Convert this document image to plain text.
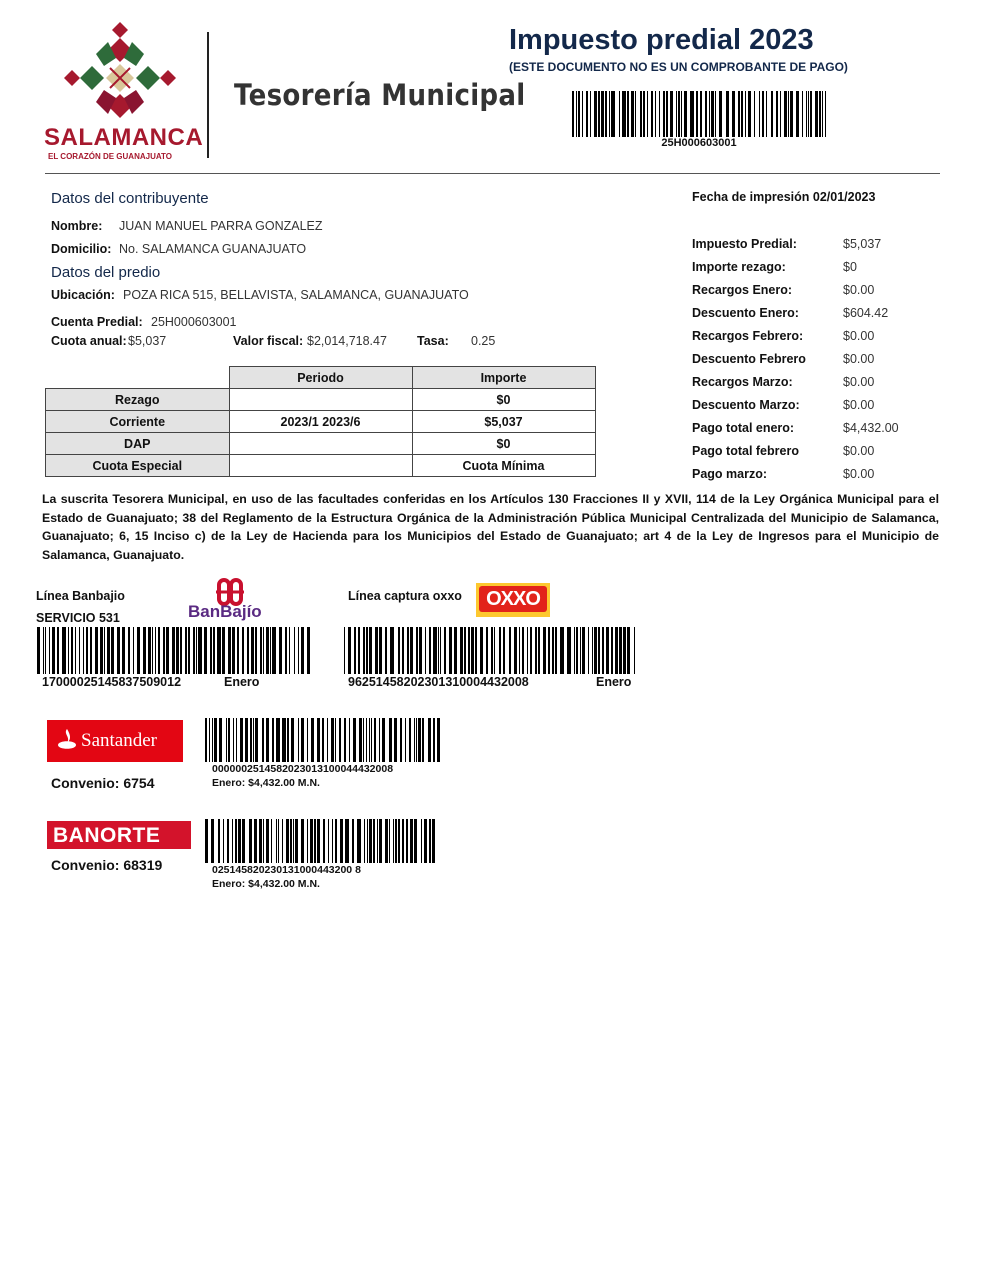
SALAMANCA
EL CORAZÓN DE GUANAJUATO
Tesorería Municipal
Impuesto predial 2023
(ESTE DOCUMENTO NO ES UN COMPROBANTE DE PAGO)
25H000603001
Datos del contribuyente
Nombre: JUAN MANUEL PARRA GONZALEZ
Domicilio: No. SALAMANCA GUANAJUATO
Datos del predio
Ubicación: POZA RICA 515, BELLAVISTA, SALAMANCA, GUANAJUATO
Cuenta Predial: 25H000603001
Cuota anual: $5,037	Valor fiscal: $2,014,718.47 Tasa: 0.25
	Periodo	Importe
Rezago		$0
Corriente	2023/1 2023/6	$5,037
DAP		$0
Cuota Especial		Cuota Mínima
Fecha de impresión 02/01/2023
Impuesto Predial:	$5,037
Importe rezago:	$0
Recargos Enero:	$0.00
Descuento Enero:	$604.42
Recargos Febrero:	$0.00
Descuento Febrero	$0.00
Recargos Marzo:	$0.00
Descuento Marzo:	$0.00
Pago total enero:	$4,432.00
Pago total febrero	$0.00
Pago marzo:	$0.00
La suscrita Tesorera Municipal, en uso de las facultades conferidas en los Artículos 130 Fracciones II y XVII, 114 de la Ley Orgánica Municipal para el Estado de Guanajuato; 38 del Reglamento de la Estructura Orgánica de la Administración Pública Municipal Centralizada del Municipio de Salamanca, Guanajuato; 6, 15 Inciso c) de la Ley de Hacienda para los Municipios del Estado de Guanajuato; art 4 de la Ley de Ingresos para el Municipio de Salamanca, Guanajuato.
Línea Banbajio
SERVICIO 531	BanBajío
17000025145837509012	Enero
Línea captura oxxo OXXO
96251458202301310004432008	Enero
Santander
Convenio: 6754
0000002514582023013100044432008
Enero: $4,432.00 M.N.
BANORTE
Convenio: 68319	025145820230131000443200 8
Enero: $4,432.00 M.N.
